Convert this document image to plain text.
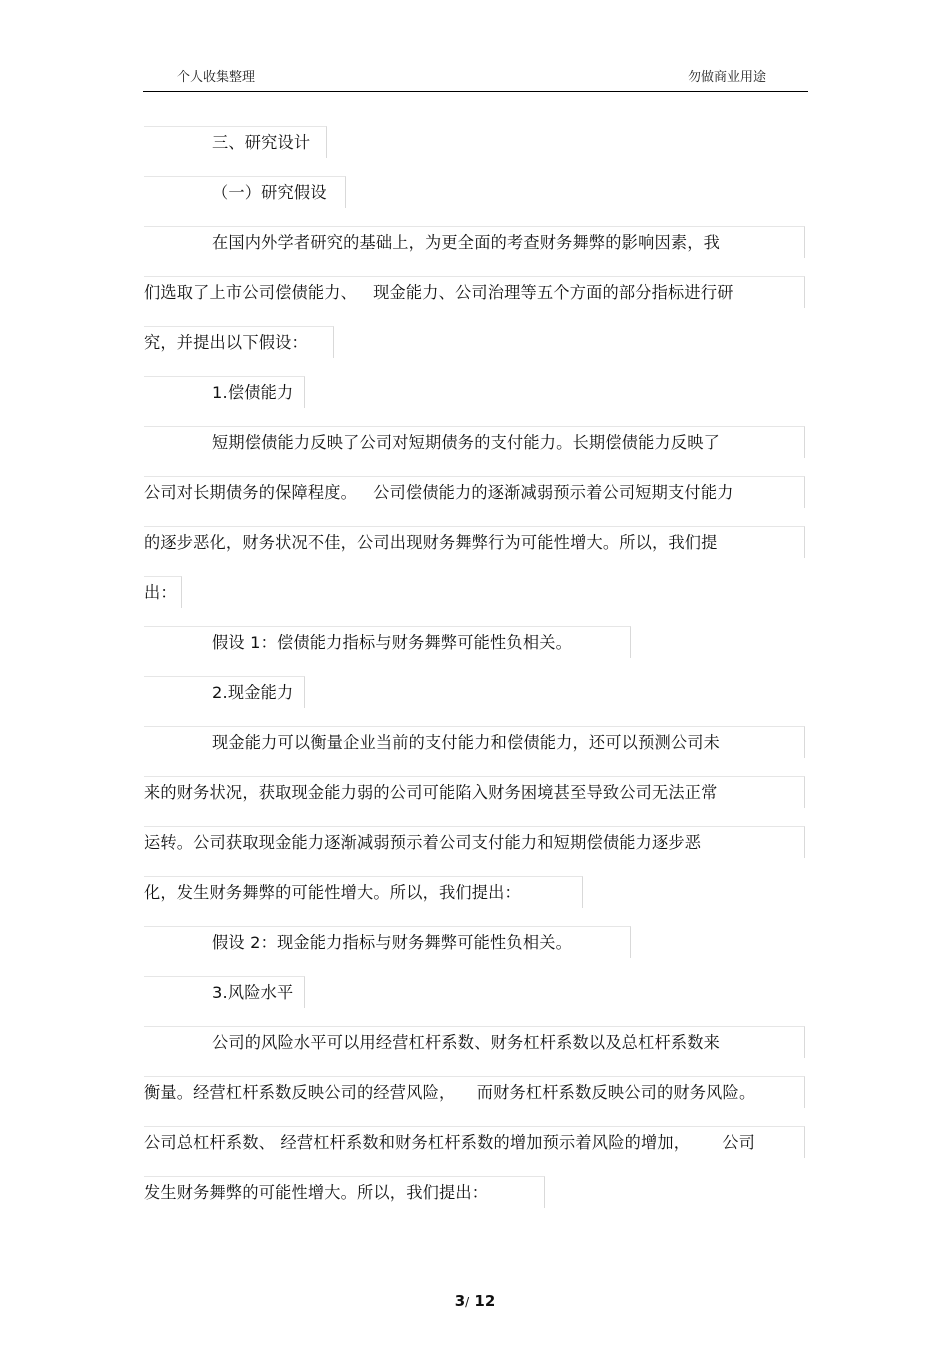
个人收集整理	勿做商业用途
三、研究设计
（一）研究假设
在国内外学者研究的基础上，为更全面的考查财务舞弊的影响因素，我
们选取了上市公司偿债能力、   现金能力、公司治理等五个方面的部分指标进行研
究，并提出以下假设：
1.偿债能力
短期偿债能力反映了公司对短期债务的支付能力。长期偿债能力反映了
公司对长期债务的保障程度。   公司偿债能力的逐渐减弱预示着公司短期支付能力
的逐步恶化，财务状况不佳，公司出现财务舞弊行为可能性增大。所以，我们提
出：
假设 1：偿债能力指标与财务舞弊可能性负相关。
2.现金能力
现金能力可以衡量企业当前的支付能力和偿债能力，还可以预测公司未
来的财务状况，获取现金能力弱的公司可能陷入财务困境甚至导致公司无法正常
运转。公司获取现金能力逐渐减弱预示着公司支付能力和短期偿债能力逐步恶
化，发生财务舞弊的可能性增大。所以，我们提出：
假设 2：现金能力指标与财务舞弊可能性负相关。
3.风险水平
公司的风险水平可以用经营杠杆系数、财务杠杆系数以及总杠杆系数来
衡量。经营杠杆系数反映公司的经营风险，    而财务杠杆系数反映公司的财务风险。
公司总杠杆系数、 经营杠杆系数和财务杠杆系数的增加预示着风险的增加，      公司
发生财务舞弊的可能性增大。所以，我们提出：
3/ 12
